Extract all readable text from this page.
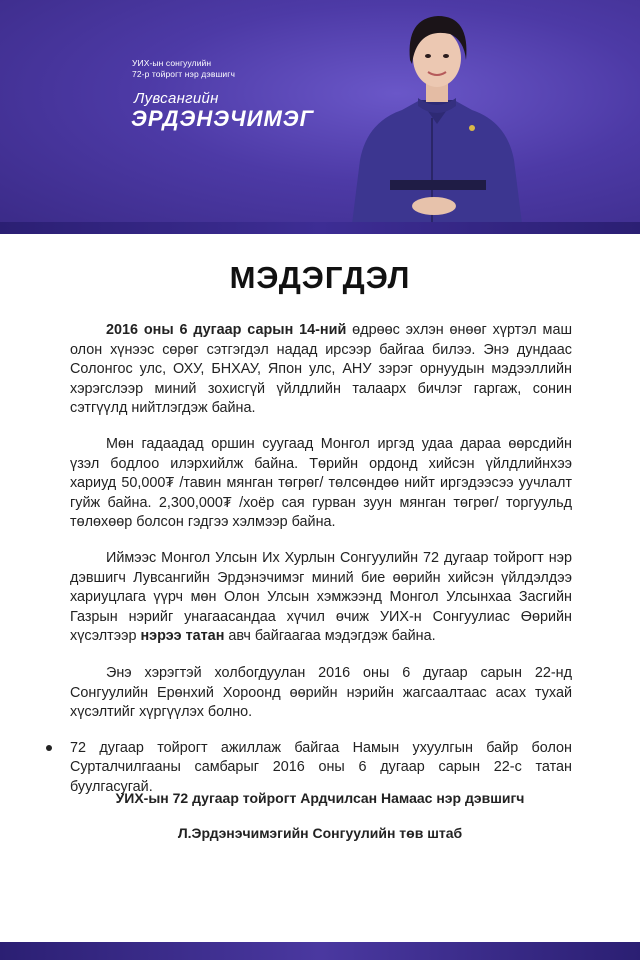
УИХ-ын сонгуулийн
72-р тойрогт нэр дэвшигч
Лувсангийн
ЭРДЭНЭЧИМЭГ
МЭДЭГДЭЛ

2016 оны 6 дугаар сарын 14-ний өдрөөс эхлэн өнөөг хүртэл маш олон хүнээс сөрөг сэтгэгдэл надад ирсээр байгаа билээ. Энэ дундаас Солонгос улс, ОХУ, БНХАУ, Япон улс, АНУ зэрэг орнуудын мэдээллийн хэрэгслээр миний зохисгүй үйлдлийн талаарх бичлэг гаргаж, сонин сэтгүүлд нийтлэгдэж байна.

Мөн гадаадад оршин суугаад Монгол иргэд удаа дараа өөрсдийн үзэл бодлоо илэрхийлж байна. Төрийн ордонд хийсэн үйлдлийнхээ хариуд 50,000₮ /тавин мянган төгрөг/ төлсөндөө нийт иргэдээсээ уучлалт гуйж байна. 2,300,000₮ /хоёр сая гурван зуун мянган төгрөг/ торгуульд төлөхөөр болсон гэдгээ хэлмээр байна.

Иймээс Монгол Улсын Их Хурлын Сонгуулийн 72 дугаар тойрогт нэр дэвшигч Лувсангийн Эрдэнэчимэг миний бие өөрийн хийсэн үйлдэлдээ хариуцлага үүрч мөн Олон Улсын хэмжээнд Монгол Улсынхаа Засгийн Газрын нэрийг унагаасандаа хүчил өчиж УИХ-н Сонгуулиас Өөрийн хүсэлтээр нэрээ татан авч байгаагаа мэдэгдэж байна.

Энэ хэрэгтэй холбогдуулан 2016 оны 6 дугаар сарын 22-нд Сонгуулийн Ерөнхий Хороонд өөрийн нэрийн жагсаалтаас асах тухай хүсэлтийг хүргүүлэх болно.

72 дугаар тойрогт ажиллаж байгаа Намын ухуулгын байр болон Сурталчилгааны самбарыг 2016 оны 6 дугаар сарын 22-с татан буулгасугай.
УИХ-ын 72 дугаар тойрогт Ардчилсан Намаас нэр дэвшигч
Л.Эрдэнэчимэгийн Сонгуулийн төв штаб
